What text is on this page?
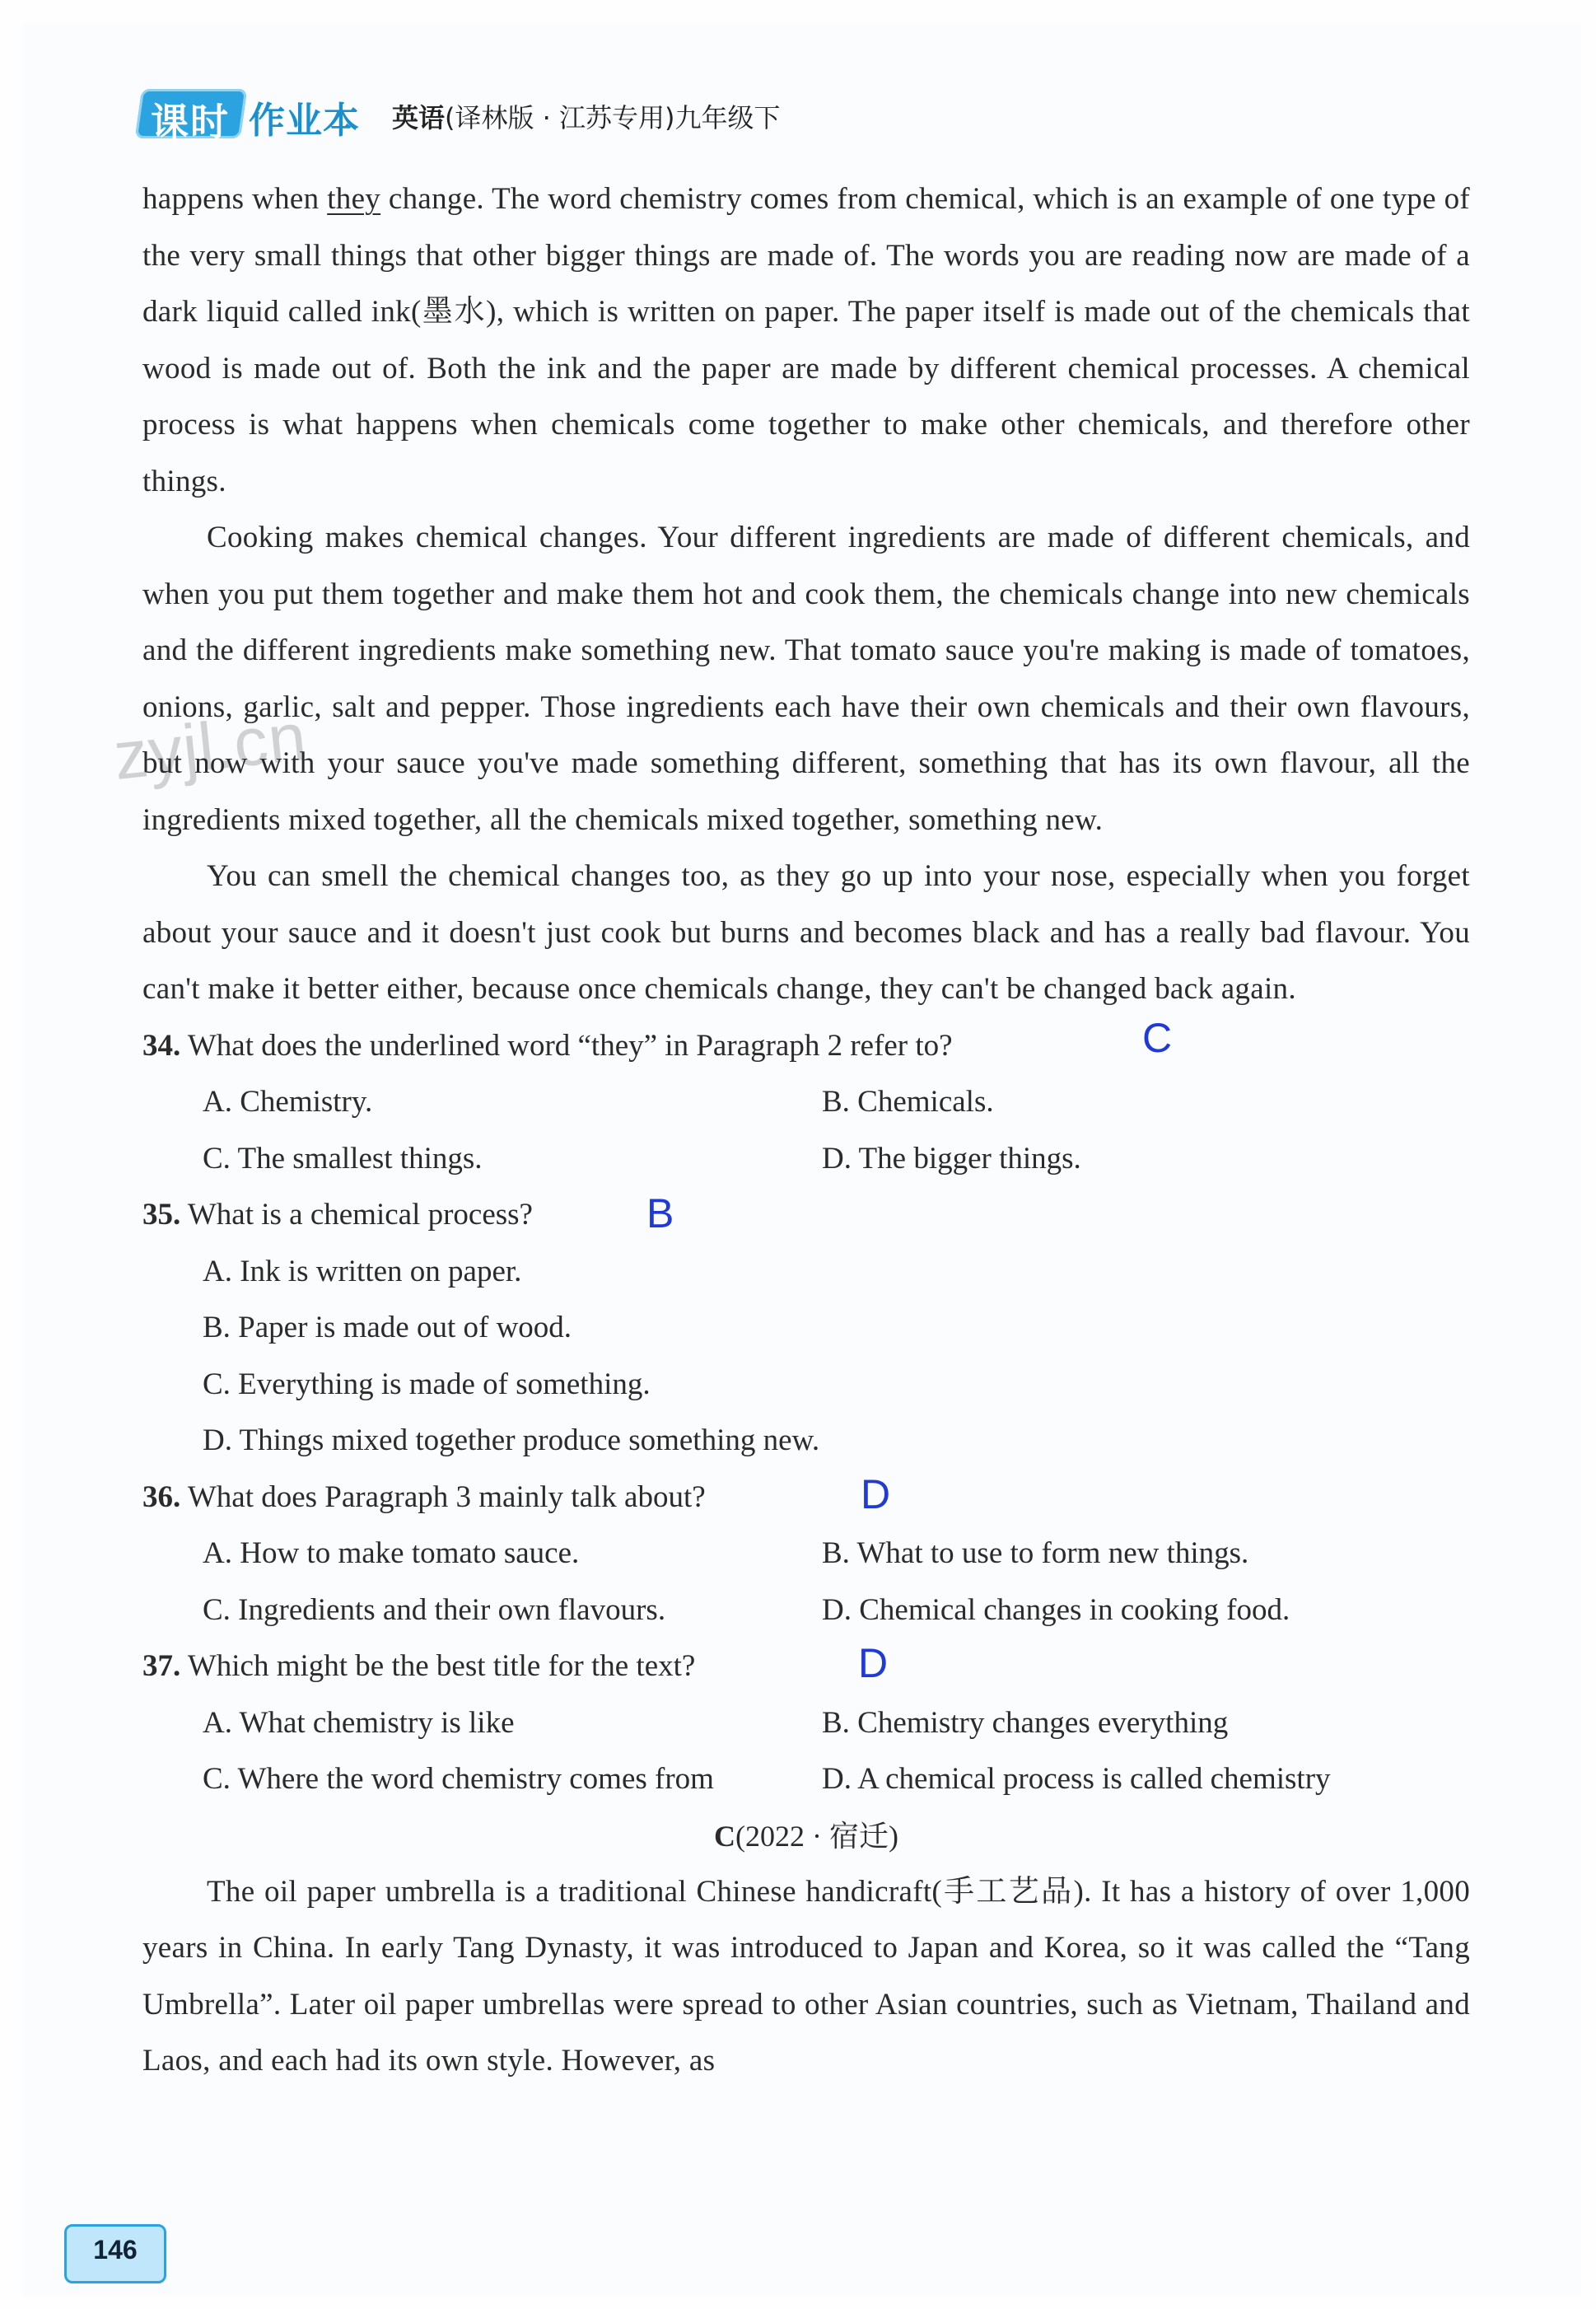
课时 作业本 英语(译林版 · 江苏专用)九年级下
zyjl.cn

happens when they change. The word chemistry comes from chemical, which is an example of one type of the very small things that other bigger things are made of. The words you are reading now are made of a dark liquid called ink(墨水), which is written on paper. The paper itself is made out of the chemicals that wood is made out of. Both the ink and the paper are made by different chemical processes. A chemical process is what happens when chemicals come together to make other chemicals, and therefore other things.

Cooking makes chemical changes. Your different ingredients are made of different chemicals, and when you put them together and make them hot and cook them, the chemicals change into new chemicals and the different ingredients make something new. That tomato sauce you're making is made of tomatoes, onions, garlic, salt and pepper. Those ingredients each have their own chemicals and their own flavours, but now with your sauce you've made something different, something that has its own flavour, all the ingredients mixed together, all the chemicals mixed together, something new.

You can smell the chemical changes too, as they go up into your nose, especially when you forget about your sauce and it doesn't just cook but burns and becomes black and has a really bad flavour. You can't make it better either, because once chemicals change, they can't be changed back again.

34. What does the underlined word “they” in Paragraph 2 refer to?	C
A. Chemistry.	B. Chemicals.
C. The smallest things.	D. The bigger things.
35. What is a chemical process?	B
A. Ink is written on paper.
B. Paper is made out of wood.
C. Everything is made of something.
D. Things mixed together produce something new.
36. What does Paragraph 3 mainly talk about?	D
A. How to make tomato sauce.	B. What to use to form new things.
C. Ingredients and their own flavours.	D. Chemical changes in cooking food.
37. Which might be the best title for the text?	D
A. What chemistry is like	B. Chemistry changes everything
C. Where the word chemistry comes from	D. A chemical process is called chemistry

C(2022 · 宿迁)

The oil paper umbrella is a traditional Chinese handicraft(手工艺品). It has a history of over 1,000 years in China. In early Tang Dynasty, it was introduced to Japan and Korea, so it was called the “Tang Umbrella”. Later oil paper umbrellas were spread to other Asian countries, such as Vietnam, Thailand and Laos, and each had its own style. However, as

146
